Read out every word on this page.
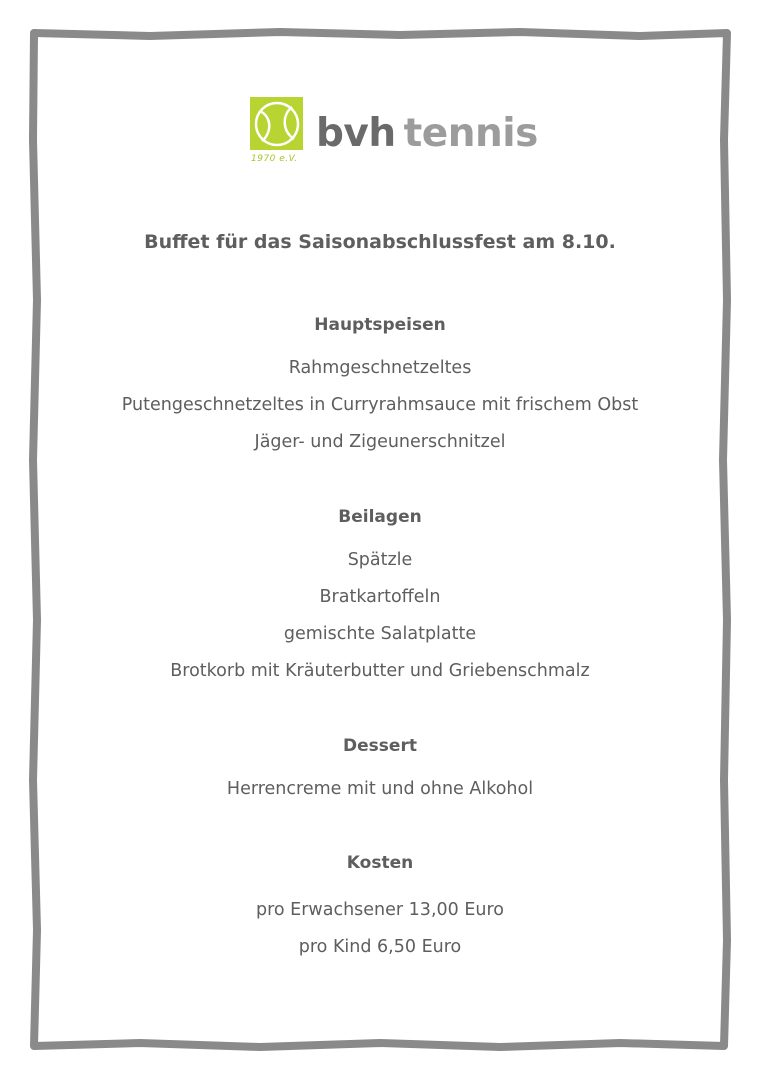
1970 e.V.
bvh tennis
Buffet für das Saisonabschlussfest am 8.10.
Hauptspeisen
Rahmgeschnetzeltes
Putengeschnetzeltes in Curryrahmsauce mit frischem Obst
Jäger- und Zigeunerschnitzel
Beilagen
Spätzle
Bratkartoffeln
gemischte Salatplatte
Brotkorb mit Kräuterbutter und Griebenschmalz
Dessert
Herrencreme mit und ohne Alkohol
Kosten
pro Erwachsener 13,00 Euro
pro Kind 6,50 Euro
